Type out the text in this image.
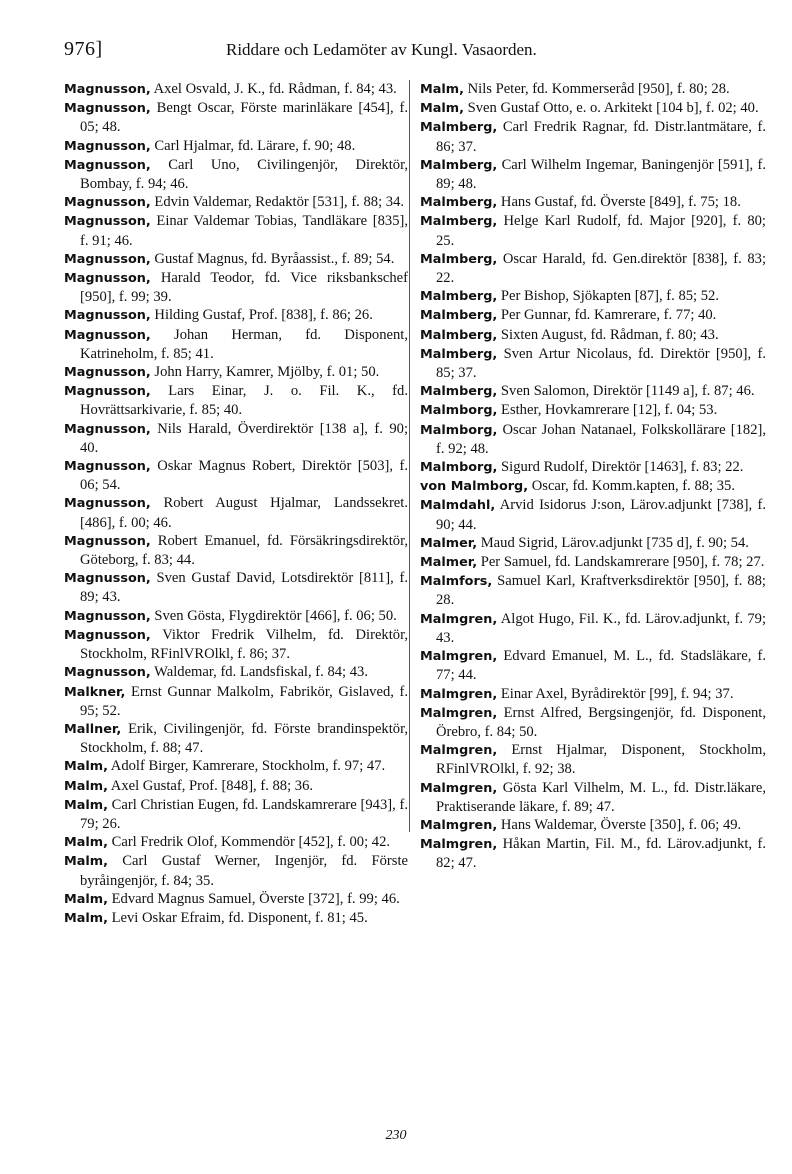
976]	Riddare och Ledamöter av Kungl. Vasaorden.

Magnusson, Axel Osvald, J. K., fd. Rådman, f. 84; 43.

Magnusson, Bengt Oscar, Förste marinläkare [454], f. 05; 48.

Magnusson, Carl Hjalmar, fd. Lärare, f. 90; 48.

Magnusson, Carl Uno, Civilingenjör, Direktör, Bombay, f. 94; 46.

Magnusson, Edvin Valdemar, Redaktör [531], f. 88; 34.

Magnusson, Einar Valdemar Tobias, Tandläkare [835], f. 91; 46.

Magnusson, Gustaf Magnus, fd. Byråassist., f. 89; 54.

Magnusson, Harald Teodor, fd. Vice riksbankschef [950], f. 99; 39.

Magnusson, Hilding Gustaf, Prof. [838], f. 86; 26.

Magnusson, Johan Herman, fd. Disponent, Katrineholm, f. 85; 41.

Magnusson, John Harry, Kamrer, Mjölby, f. 01; 50.

Magnusson, Lars Einar, J. o. Fil. K., fd. Hovrättsarkivarie, f. 85; 40.

Magnusson, Nils Harald, Överdirektör [138 a], f. 90; 40.

Magnusson, Oskar Magnus Robert, Direktör [503], f. 06; 54.

Magnusson, Robert August Hjalmar, Landssekret. [486], f. 00; 46.

Magnusson, Robert Emanuel, fd. Försäkringsdirektör, Göteborg, f. 83; 44.

Magnusson, Sven Gustaf David, Lotsdirektör [811], f. 89; 43.

Magnusson, Sven Gösta, Flygdirektör [466], f. 06; 50.

Magnusson, Viktor Fredrik Vilhelm, fd. Direktör, Stockholm, RFinlVROlkl, f. 86; 37.

Magnusson, Waldemar, fd. Landsfiskal, f. 84; 43.

Malkner, Ernst Gunnar Malkolm, Fabrikör, Gislaved, f. 95; 52.

Mallner, Erik, Civilingenjör, fd. Förste brandinspektör, Stockholm, f. 88; 47.

Malm, Adolf Birger, Kamrerare, Stockholm, f. 97; 47.

Malm, Axel Gustaf, Prof. [848], f. 88; 36.

Malm, Carl Christian Eugen, fd. Landskamrerare [943], f. 79; 26.

Malm, Carl Fredrik Olof, Kommendör [452], f. 00; 42.

Malm, Carl Gustaf Werner, Ingenjör, fd. Förste byråingenjör, f. 84; 35.

Malm, Edvard Magnus Samuel, Överste [372], f. 99; 46.

Malm, Levi Oskar Efraim, fd. Disponent, f. 81; 45.

Malm, Nils Peter, fd. Kommerseråd [950], f. 80; 28.

Malm, Sven Gustaf Otto, e. o. Arkitekt [104 b], f. 02; 40.

Malmberg, Carl Fredrik Ragnar, fd. Distr.lantmätare, f. 86; 37.

Malmberg, Carl Wilhelm Ingemar, Baningenjör [591], f. 89; 48.

Malmberg, Hans Gustaf, fd. Överste [849], f. 75; 18.

Malmberg, Helge Karl Rudolf, fd. Major [920], f. 80; 25.

Malmberg, Oscar Harald, fd. Gen.direktör [838], f. 83; 22.

Malmberg, Per Bishop, Sjökapten [87], f. 85; 52.

Malmberg, Per Gunnar, fd. Kamrerare, f. 77; 40.

Malmberg, Sixten August, fd. Rådman, f. 80; 43.

Malmberg, Sven Artur Nicolaus, fd. Direktör [950], f. 85; 37.

Malmberg, Sven Salomon, Direktör [1149 a], f. 87; 46.

Malmborg, Esther, Hovkamrerare [12], f. 04; 53.

Malmborg, Oscar Johan Natanael, Folkskollärare [182], f. 92; 48.

Malmborg, Sigurd Rudolf, Direktör [1463], f. 83; 22.

von Malmborg, Oscar, fd. Komm.kapten, f. 88; 35.

Malmdahl, Arvid Isidorus J:son, Lärov.adjunkt [738], f. 90; 44.

Malmer, Maud Sigrid, Lärov.adjunkt [735 d], f. 90; 54.

Malmer, Per Samuel, fd. Landskamrerare [950], f. 78; 27.

Malmfors, Samuel Karl, Kraftverksdirektör [950], f. 88; 28.

Malmgren, Algot Hugo, Fil. K., fd. Lärov.adjunkt, f. 79; 43.

Malmgren, Edvard Emanuel, M. L., fd. Stadsläkare, f. 77; 44.

Malmgren, Einar Axel, Byrådirektör [99], f. 94; 37.

Malmgren, Ernst Alfred, Bergsingenjör, fd. Disponent, Örebro, f. 84; 50.

Malmgren, Ernst Hjalmar, Disponent, Stockholm, RFinlVROlkl, f. 92; 38.

Malmgren, Gösta Karl Vilhelm, M. L., fd. Distr.läkare, Praktiserande läkare, f. 89; 47.

Malmgren, Hans Waldemar, Överste [350], f. 06; 49.

Malmgren, Håkan Martin, Fil. M., fd. Lärov.adjunkt, f. 82; 47.

230
